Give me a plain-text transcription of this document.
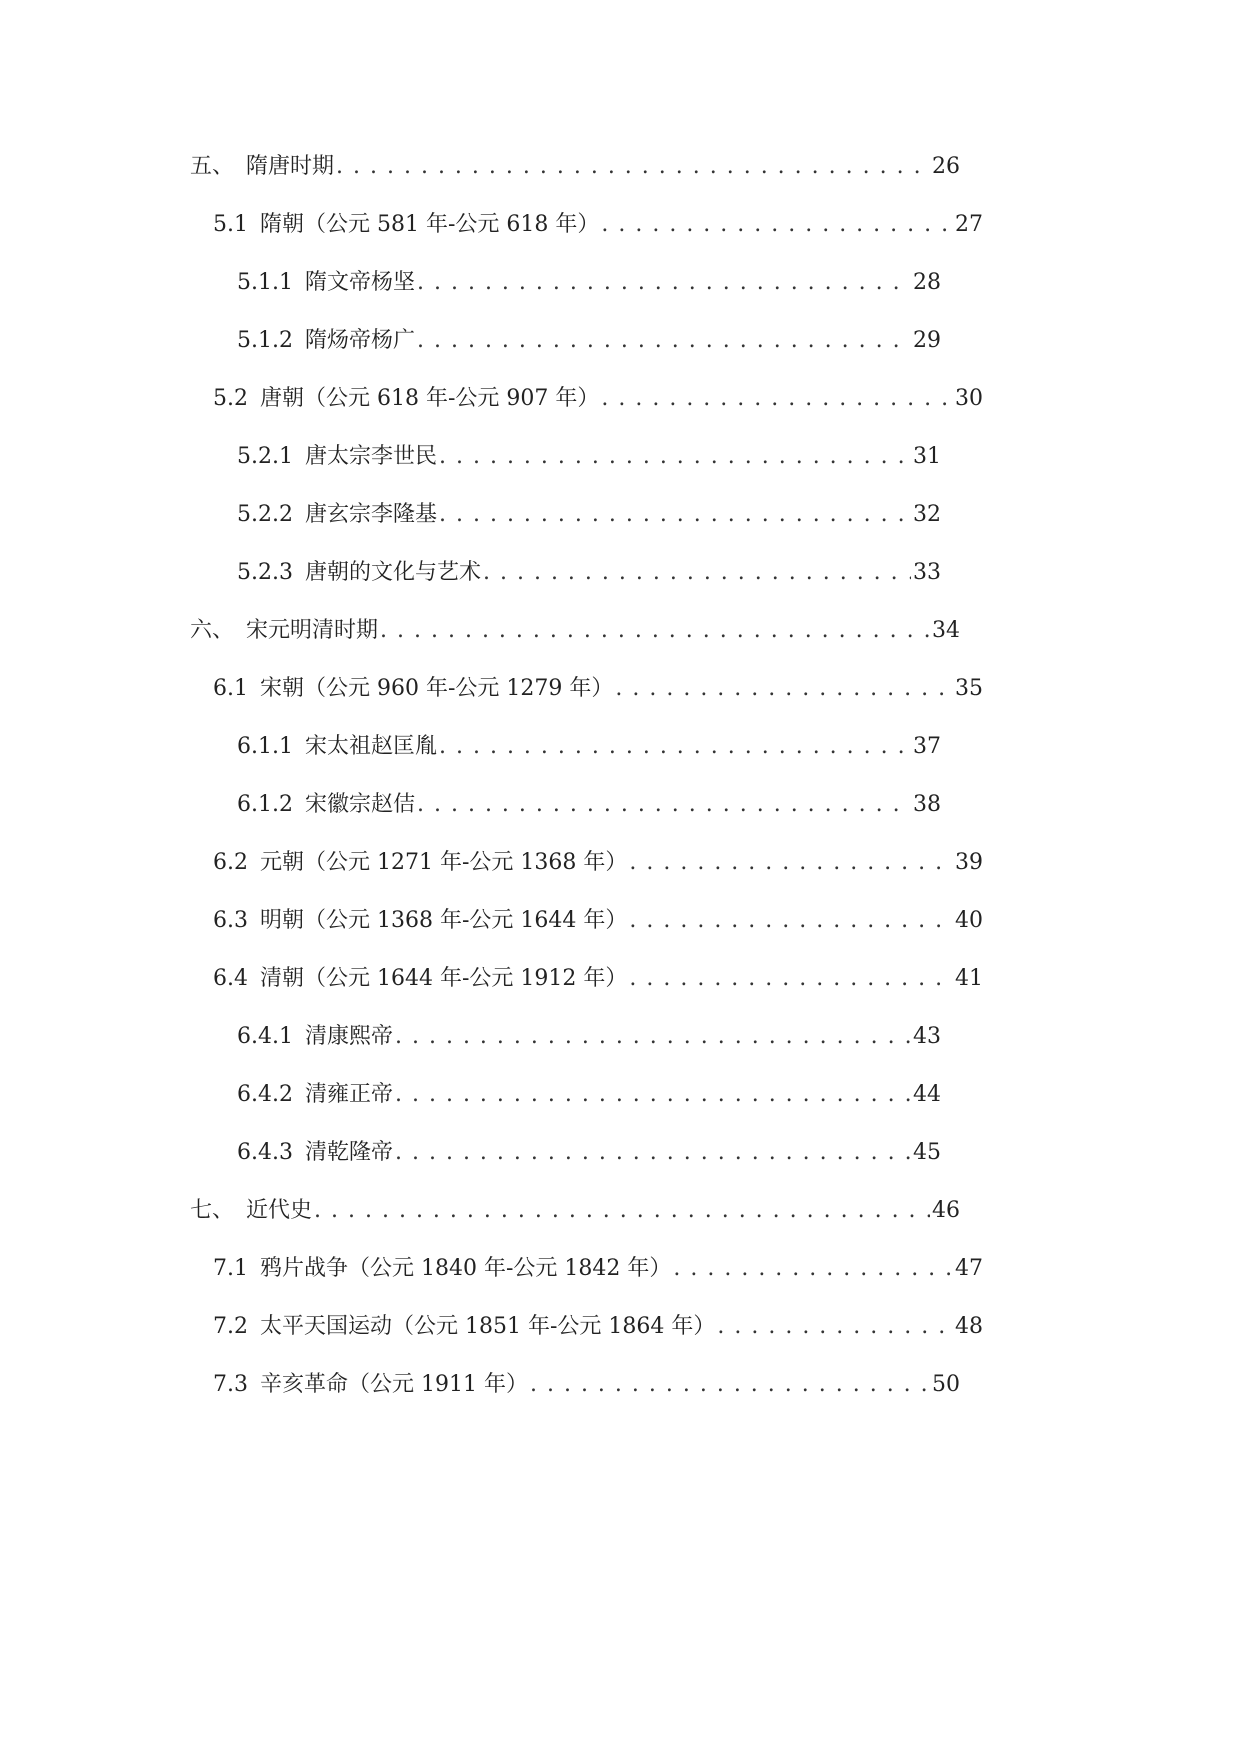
五、 隋唐时期 . . .	26
5.1 隋朝（公元 581 年-公元 618 年） . . .	27
5.1.1 隋文帝杨坚 . . .	28
5.1.2 隋炀帝杨广 . . .	29
5.2 唐朝（公元 618 年-公元 907 年） . . .	30
5.2.1 唐太宗李世民 . . .	31
5.2.2 唐玄宗李隆基 . . .	32
5.2.3 唐朝的文化与艺术 . . .	33
六、 宋元明清时期 . . .	34
6.1 宋朝（公元 960 年-公元 1279 年） . . .	35
6.1.1 宋太祖赵匡胤 . . .	37
6.1.2 宋徽宗赵佶 . . .	38
6.2 元朝（公元 1271 年-公元 1368 年） . . .	39
6.3 明朝（公元 1368 年-公元 1644 年） . . .	40
6.4 清朝（公元 1644 年-公元 1912 年） . . .	41
6.4.1 清康熙帝 . . .	43
6.4.2 清雍正帝 . . .	44
6.4.3 清乾隆帝 . . .	45
七、 近代史 . . .	46
7.1 鸦片战争（公元 1840 年-公元 1842 年） . . .	47
7.2 太平天国运动（公元 1851 年-公元 1864 年） . . .	48
7.3 辛亥革命（公元 1911 年） . . .	50
